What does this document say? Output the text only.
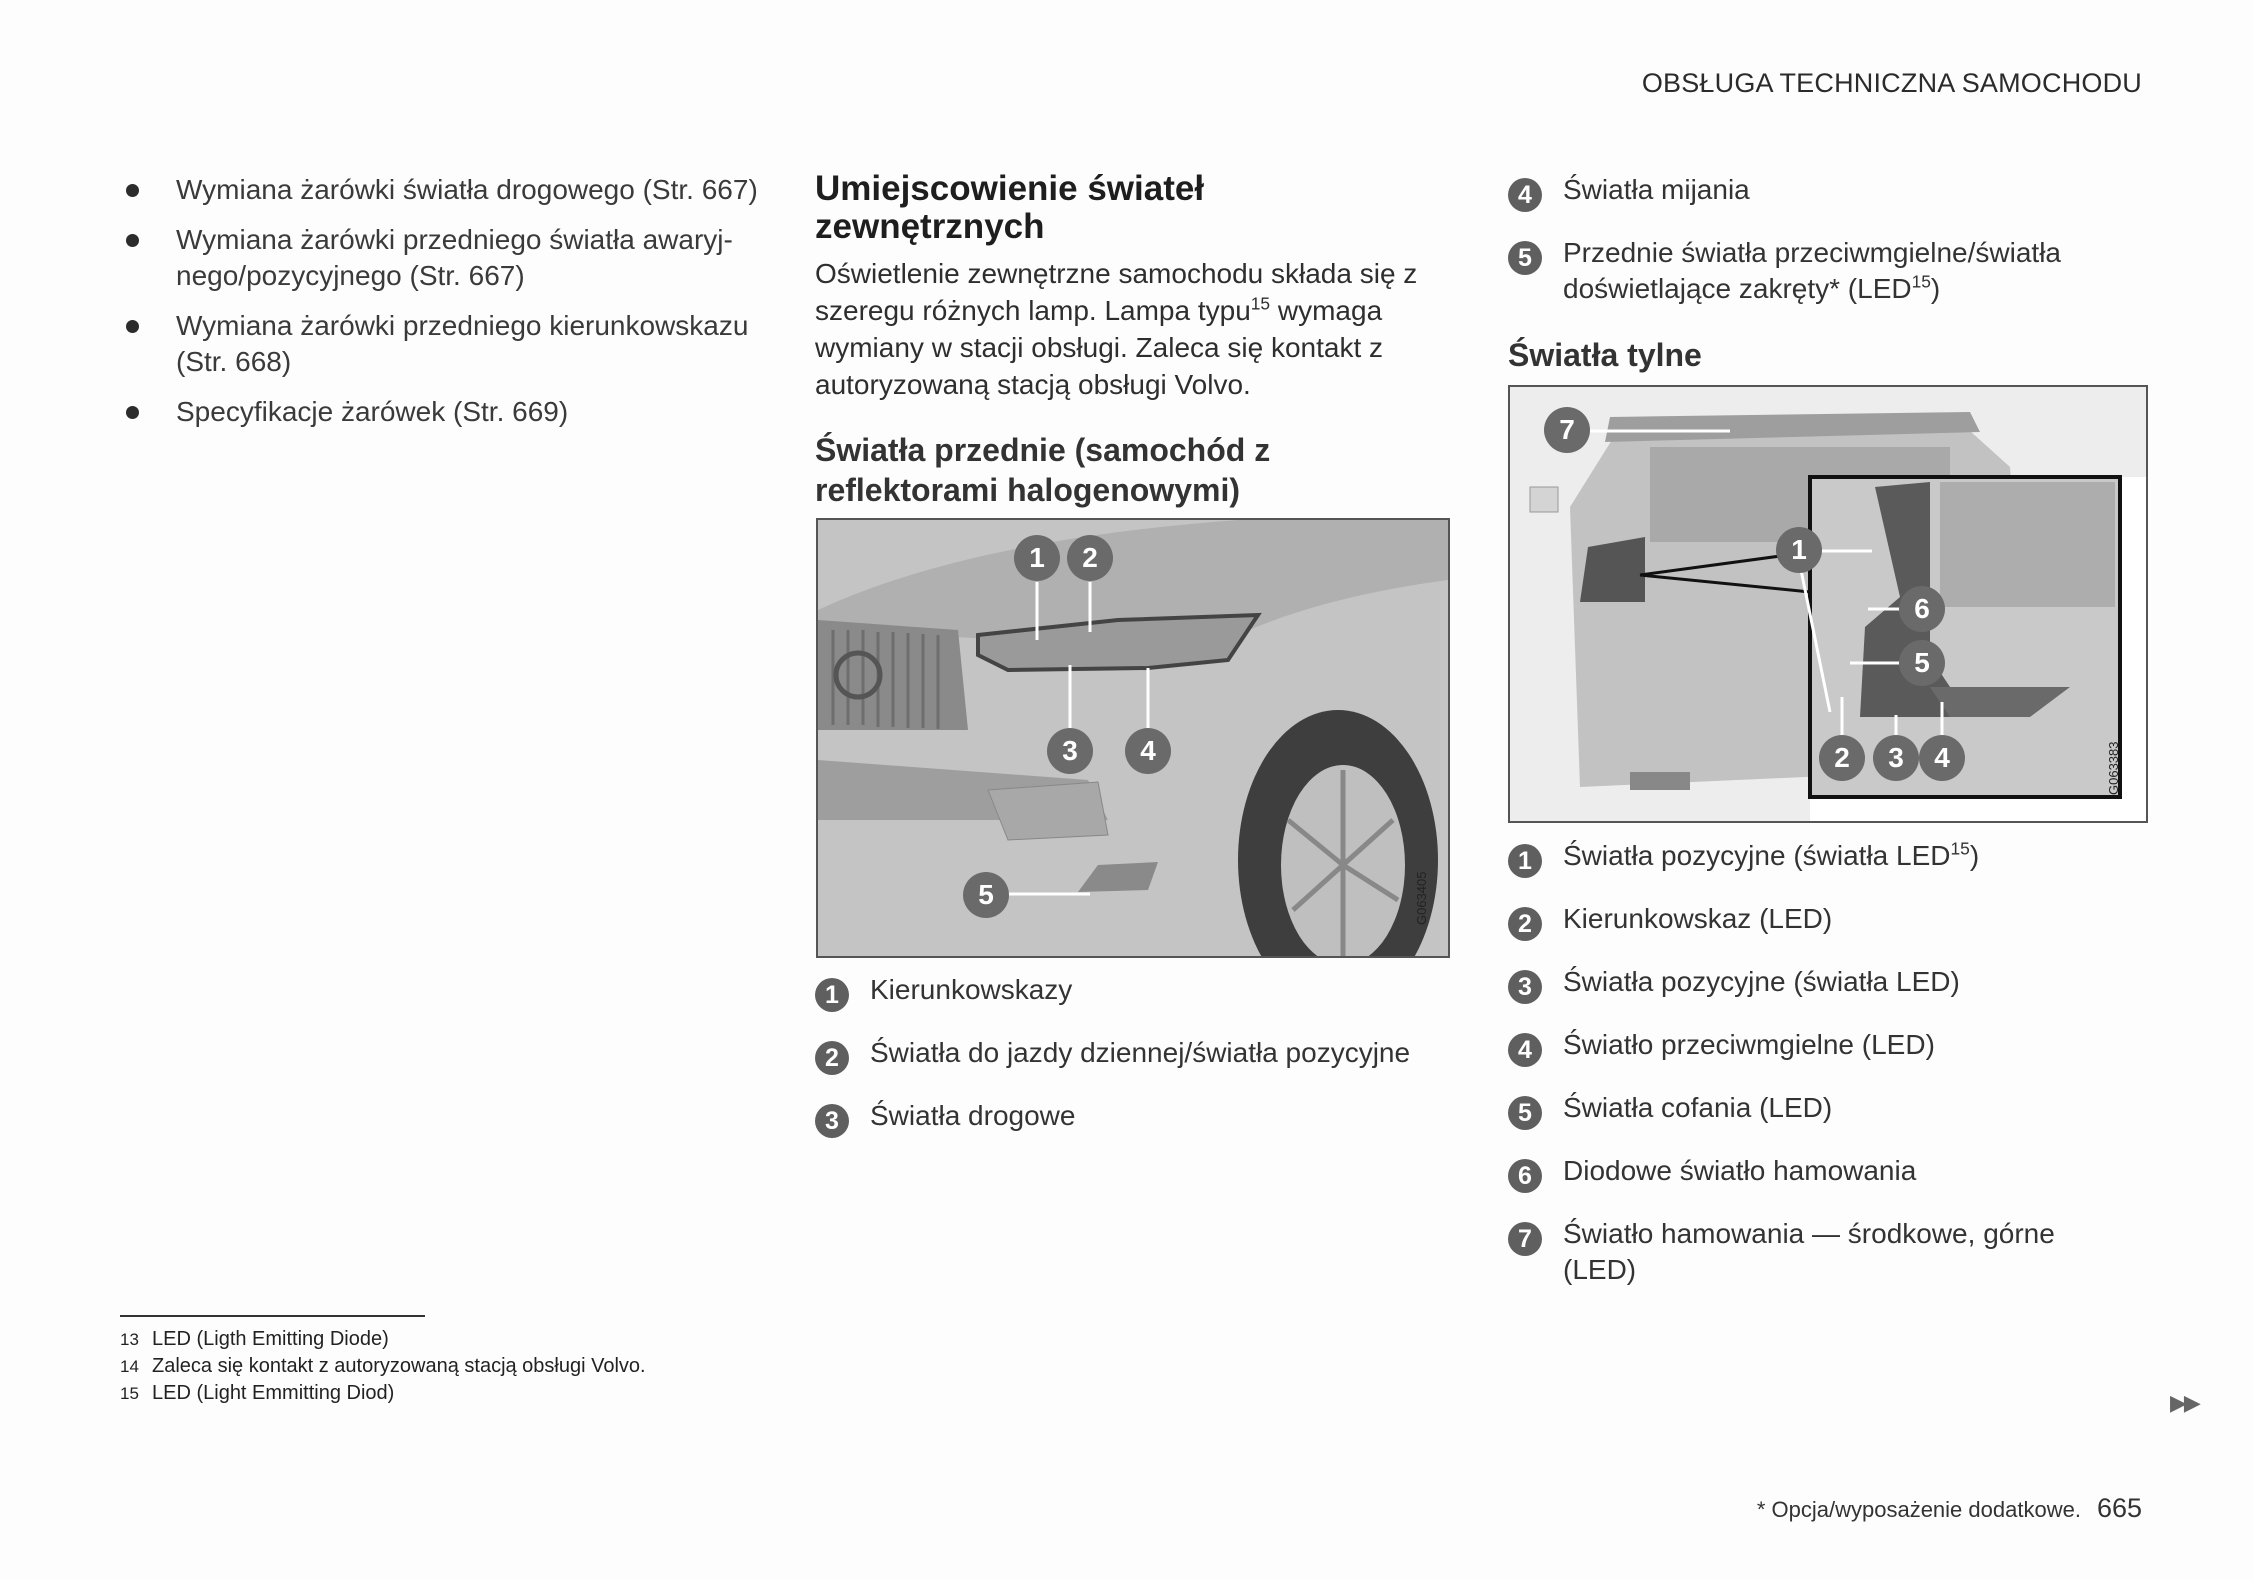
OBSŁUGA TECHNICZNA SAMOCHODU
Wymiana żarówki światła drogowego (Str. 667)
Wymiana żarówki przedniego światła awaryj-nego/pozycyjnego (Str. 667)
Wymiana żarówki przedniego kierunkowskazu (Str. 668)
Specyfikacje żarówek (Str. 669)
Umiejscowienie świateł zewnętrznych
Oświetlenie zewnętrzne samochodu składa się z szeregu różnych lamp. Lampa typu$^{15}$ wymaga wymiany w stacji obsługi. Zaleca się kontakt z autoryzowaną stacją obsługi Volvo.
Światła przednie (samochód z reflektorami halogenowymi)
1	2
3	4
5	G063405
1	Kierunkowskazy
2	Światła do jazdy dziennej/światła pozycyjne
3	Światła drogowe
4	Światła mijania
5	Przednie światła przeciwmgielne/światła doświetlające zakręty* (LED$^{15}$)
Światła tylne
7
1
6
5
2	3	4	G063383
1	Światła pozycyjne (światła LED$^{15}$)
2	Kierunkowskaz (LED)
3	Światła pozycyjne (światła LED)
4	Światło przeciwmgielne (LED)
5	Światła cofania (LED)
6	Diodowe światło hamowania
7	Światło hamowania — środkowe, górne (LED)
13 LED (Ligth Emitting Diode)
14 Zaleca się kontakt z autoryzowaną stacją obsługi Volvo.
15 LED (Light Emmitting Diod)	▶▶
* Opcja/wyposażenie dodatkowe. 665
